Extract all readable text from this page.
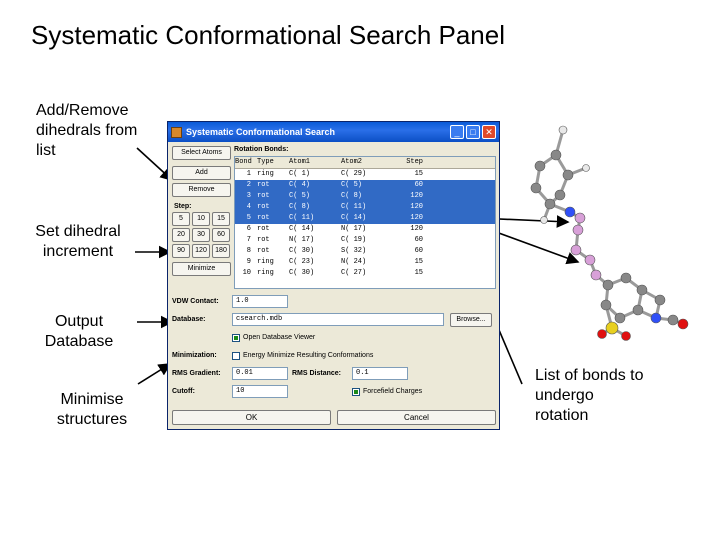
Systematic Conformational Search Panel
Add/Remove dihedrals from list
Set dihedral increment
Output Database
Minimise structures
List of bonds to undergo rotation
Systematic Conformational Search	_	□	✕
Select Atoms
Add
Remove
Step:
5	10	15
20	30	60
90	120	180
Minimize
Rotation Bonds:
Bond Type	Atom1	Atom2	Step
1 ring	C( 1)	C( 29)	15
2 rot	C( 4)	C( 5)	60
3 rot	C( 5)	C( 8)	120
4 rot	C( 8)	C( 11)	120
5 rot	C( 11)	C( 14)	120
6 rot	C( 14)	N( 17)	120
7 rot	N( 17)	C( 19)	60
8 rot	C( 30)	S( 32)	60
9 ring	C( 23)	N( 24)	15
10 ring	C( 30)	C( 27)	15
VDW Contact:	1.0
Database:	csearch.mdb	Browse...
Open Database Viewer
Minimization:	Energy Minimize Resulting Conformations
RMS Gradient:	0.01	RMS Distance:	0.1
Cutoff:	10	Forcefield Charges
OK	Cancel
